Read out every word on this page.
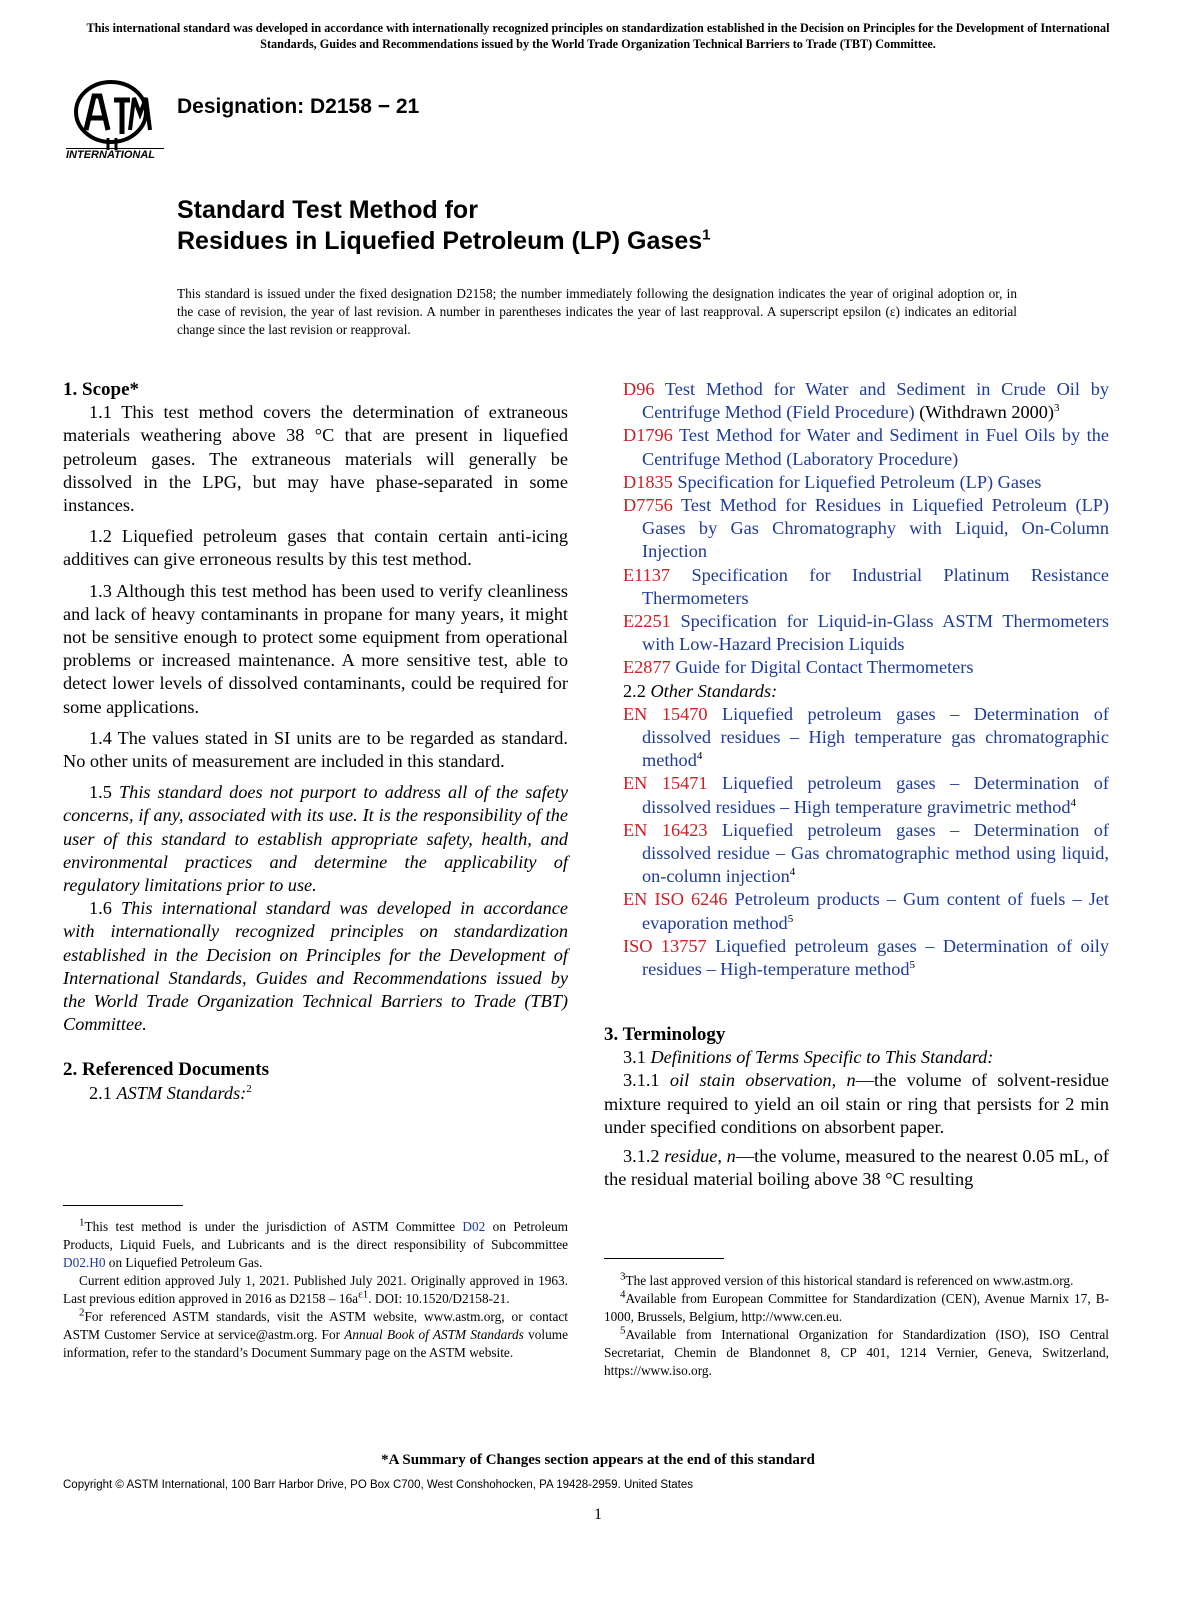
This international standard was developed in accordance with internationally recognized principles on standardization established in the Decision on Principles for the Development of International Standards, Guides and Recommendations issued by the World Trade Organization Technical Barriers to Trade (TBT) Committee.
INTERNATIONAL
Designation: D2158 − 21
Standard Test Method for
Residues in Liquefied Petroleum (LP) Gases$^1$
This standard is issued under the fixed designation D2158; the number immediately following the designation indicates the year of original adoption or, in the case of revision, the year of last revision. A number in parentheses indicates the year of last reapproval. A superscript epsilon (ε) indicates an editorial change since the last revision or reapproval.

1. Scope*

1.1 This test method covers the determination of extraneous materials weathering above 38 °C that are present in liquefied petroleum gases. The extraneous materials will generally be dissolved in the LPG, but may have phase-separated in some instances.

1.2 Liquefied petroleum gases that contain certain anti-icing additives can give erroneous results by this test method.

1.3 Although this test method has been used to verify cleanliness and lack of heavy contaminants in propane for many years, it might not be sensitive enough to protect some equipment from operational problems or increased maintenance. A more sensitive test, able to detect lower levels of dissolved contaminants, could be required for some applications.

1.4 The values stated in SI units are to be regarded as standard. No other units of measurement are included in this standard.

1.5 This standard does not purport to address all of the safety concerns, if any, associated with its use. It is the responsibility of the user of this standard to establish appropriate safety, health, and environmental practices and determine the applicability of regulatory limitations prior to use.

1.6 This international standard was developed in accordance with internationally recognized principles on standardization established in the Decision on Principles for the Development of International Standards, Guides and Recommendations issued by the World Trade Organization Technical Barriers to Trade (TBT) Committee.

2. Referenced Documents

2.1 ASTM Standards:$^2$

$^1$This test method is under the jurisdiction of ASTM Committee D02 on Petroleum Products, Liquid Fuels, and Lubricants and is the direct responsibility of Subcommittee D02.H0 on Liquefied Petroleum Gas.

Current edition approved July 1, 2021. Published July 2021. Originally approved in 1963. Last previous edition approved in 2016 as $D2158 - 16a^{\varepsilon 1}$. DOI: 10.1520/D2158-21.

$^2$For referenced ASTM standards, visit the ASTM website, www.astm.org, or contact ASTM Customer Service at service@astm.org. For Annual Book of ASTM Standards volume information, refer to the standard’s Document Summary page on the ASTM website.

D96 Test Method for Water and Sediment in Crude Oil by Centrifuge Method (Field Procedure) (Withdrawn 2000)$^3$

D1796 Test Method for Water and Sediment in Fuel Oils by the Centrifuge Method (Laboratory Procedure)

D1835 Specification for Liquefied Petroleum (LP) Gases

D7756 Test Method for Residues in Liquefied Petroleum (LP) Gases by Gas Chromatography with Liquid, On-Column Injection

E1137 Specification for Industrial Platinum Resistance Thermometers

E2251 Specification for Liquid-in-Glass ASTM Thermometers with Low-Hazard Precision Liquids

E2877 Guide for Digital Contact Thermometers

2.2 Other Standards:

EN 15470 Liquefied petroleum gases – Determination of dissolved residues – High temperature gas chromatographic method$^4$

EN 15471 Liquefied petroleum gases – Determination of dissolved residues – High temperature gravimetric method$^4$

EN 16423 Liquefied petroleum gases – Determination of dissolved residue – Gas chromatographic method using liquid, on-column injection$^4$

EN ISO 6246 Petroleum products – Gum content of fuels – Jet evaporation method$^5$

ISO 13757 Liquefied petroleum gases – Determination of oily residues – High-temperature method$^5$

3. Terminology

3.1 Definitions of Terms Specific to This Standard:

3.1.1 oil stain observation, n—the volume of solvent-residue mixture required to yield an oil stain or ring that persists for 2 min under specified conditions on absorbent paper.

3.1.2 residue, n—the volume, measured to the nearest 0.05 mL, of the residual material boiling above 38 °C resulting

$^3$The last approved version of this historical standard is referenced on www.astm.org.

$^4$Available from European Committee for Standardization (CEN), Avenue Marnix 17, B-1000, Brussels, Belgium, http://www.cen.eu.

$^5$Available from International Organization for Standardization (ISO), ISO Central Secretariat, Chemin de Blandonnet 8, CP 401, 1214 Vernier, Geneva, Switzerland, https://www.iso.org.

*A Summary of Changes section appears at the end of this standard
Copyright © ASTM International, 100 Barr Harbor Drive, PO Box C700, West Conshohocken, PA 19428-2959. United States
1
